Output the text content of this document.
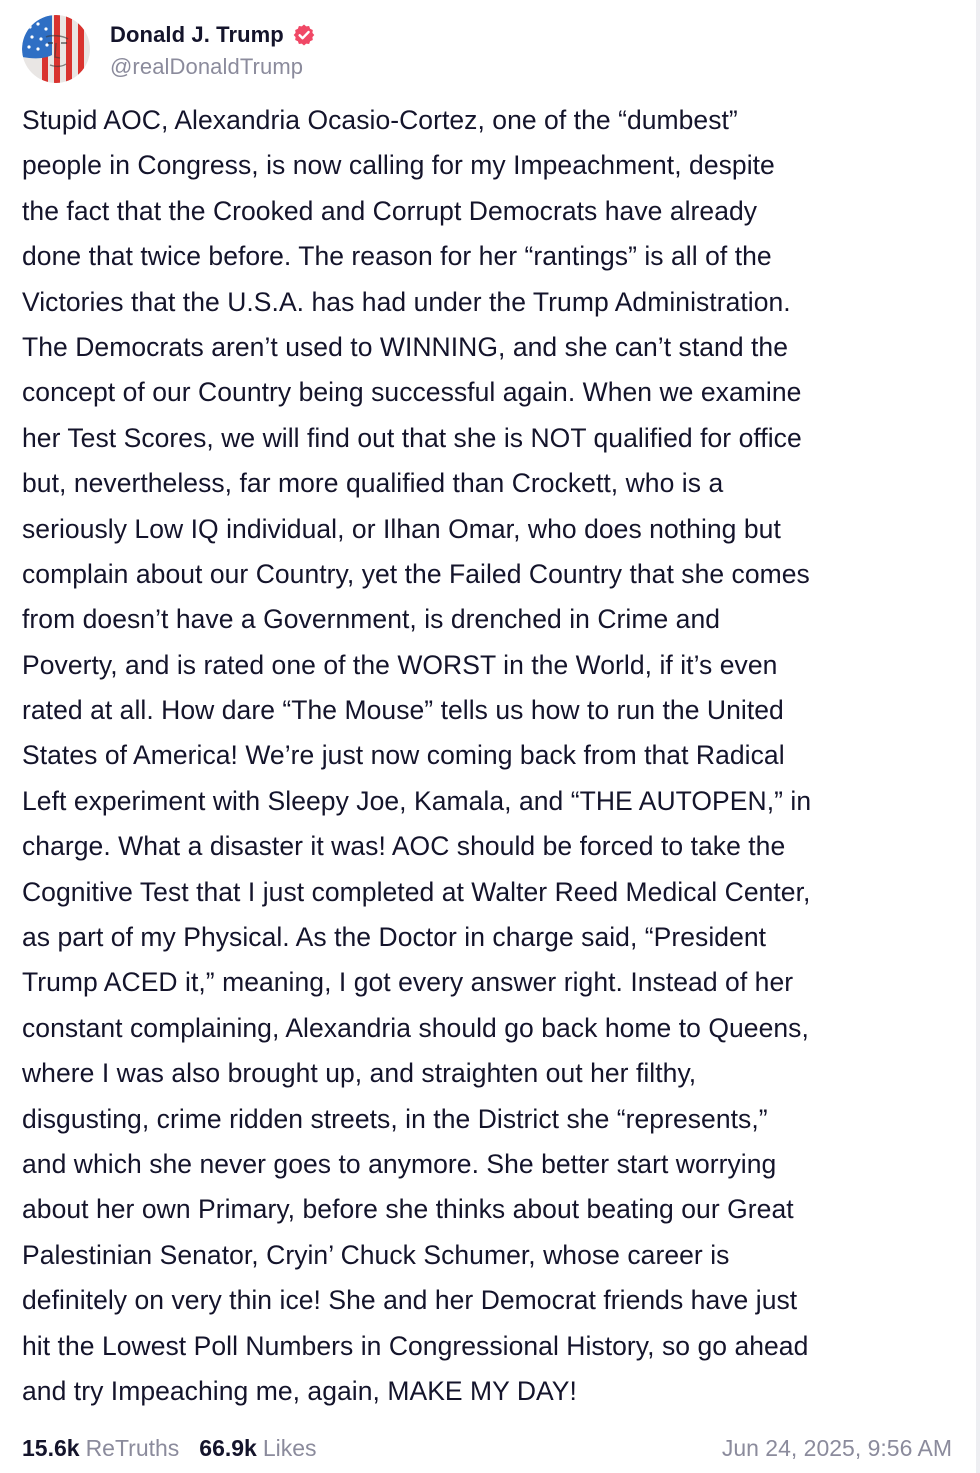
Donald J. Trump
@realDonaldTrump
Stupid AOC, Alexandria Ocasio-Cortez, one of the “dumbest”
people in Congress, is now calling for my Impeachment, despite
the fact that the Crooked and Corrupt Democrats have already
done that twice before. The reason for her “rantings” is all of the
Victories that the U.S.A. has had under the Trump Administration.
The Democrats aren’t used to WINNING, and she can’t stand the
concept of our Country being successful again. When we examine
her Test Scores, we will find out that she is NOT qualified for office
but, nevertheless, far more qualified than Crockett, who is a
seriously Low IQ individual, or Ilhan Omar, who does nothing but
complain about our Country, yet the Failed Country that she comes
from doesn’t have a Government, is drenched in Crime and
Poverty, and is rated one of the WORST in the World, if it’s even
rated at all. How dare “The Mouse” tells us how to run the United
States of America! We’re just now coming back from that Radical
Left experiment with Sleepy Joe, Kamala, and “THE AUTOPEN,” in
charge. What a disaster it was! AOC should be forced to take the
Cognitive Test that I just completed at Walter Reed Medical Center,
as part of my Physical. As the Doctor in charge said, “President
Trump ACED it,” meaning, I got every answer right. Instead of her
constant complaining, Alexandria should go back home to Queens,
where I was also brought up, and straighten out her filthy,
disgusting, crime ridden streets, in the District she “represents,”
and which she never goes to anymore. She better start worrying
about her own Primary, before she thinks about beating our Great
Palestinian Senator, Cryin’ Chuck Schumer, whose career is
definitely on very thin ice! She and her Democrat friends have just
hit the Lowest Poll Numbers in Congressional History, so go ahead
and try Impeaching me, again, MAKE MY DAY!
15.6k ReTruths 66.9k Likes	Jun 24, 2025, 9:56 AM
